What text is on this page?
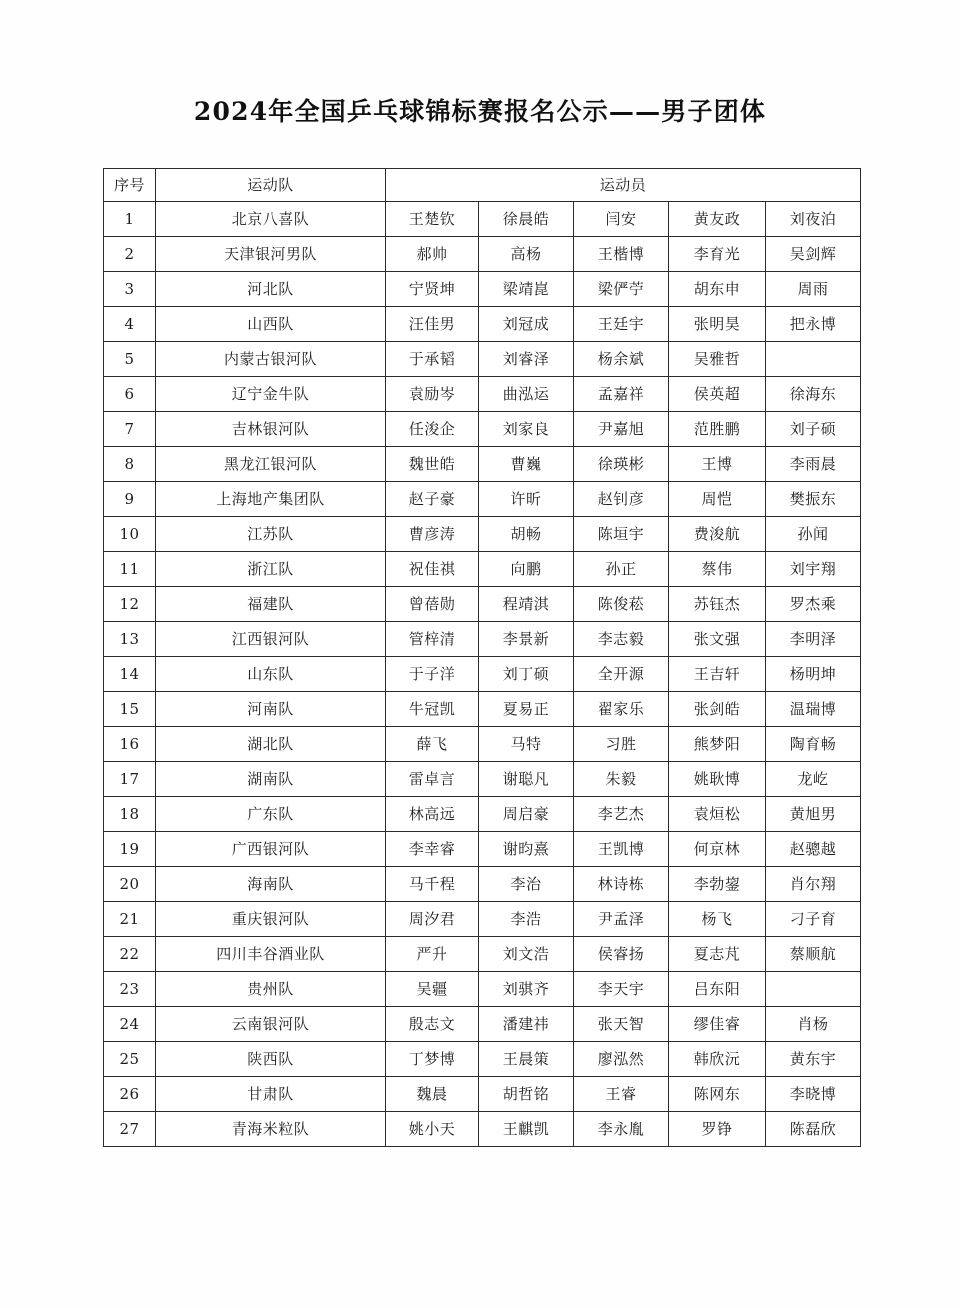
2024年全国乒乓球锦标赛报名公示——男子团体
序号	运动队	运动员				
1	北京八喜队	王楚钦	徐晨皓	闫安	黄友政	刘夜泊
2	天津银河男队	郝帅	高杨	王楷博	李育光	吴剑辉
3	河北队	宁贤坤	梁靖崑	梁俨苧	胡东申	周雨
4	山西队	汪佳男	刘冠成	王廷宇	张明昊	把永博
5	内蒙古银河队	于承韬	刘睿泽	杨余斌	吴雅哲	
6	辽宁金牛队	袁励岑	曲泓运	孟嘉祥	侯英超	徐海东
7	吉林银河队	任浚企	刘家良	尹嘉旭	范胜鹏	刘子硕
8	黑龙江银河队	魏世皓	曹巍	徐瑛彬	王博	李雨晨
9	上海地产集团队	赵子豪	许昕	赵钊彦	周恺	樊振东
10	江苏队	曹彦涛	胡畅	陈垣宇	费浚航	孙闻
11	浙江队	祝佳祺	向鹏	孙正	蔡伟	刘宇翔
12	福建队	曾蓓勋	程靖淇	陈俊菘	苏钰杰	罗杰乘
13	江西银河队	管梓清	李景新	李志毅	张文强	李明泽
14	山东队	于子洋	刘丁硕	全开源	王吉轩	杨明坤
15	河南队	牛冠凯	夏易正	翟家乐	张剑皓	温瑞博
16	湖北队	薛飞	马特	习胜	熊梦阳	陶育畅
17	湖南队	雷卓言	谢聪凡	朱毅	姚耿博	龙屹
18	广东队	林高远	周启豪	李艺杰	袁烜松	黄旭男
19	广西银河队	李幸睿	谢昀熹	王凯博	何京林	赵骢越
20	海南队	马千程	李治	林诗栋	李勃鋆	肖尔翔
21	重庆银河队	周汐君	李浩	尹孟泽	杨飞	刁子育
22	四川丰谷酒业队	严升	刘文浩	侯睿扬	夏志芃	蔡顺航
23	贵州队	吴疆	刘骐齐	李天宇	吕东阳	
24	云南银河队	殷志文	潘建祎	张天智	缪佳睿	肖杨
25	陕西队	丁梦博	王晨策	廖泓然	韩欣沅	黄东宇
26	甘肃队	魏晨	胡哲铭	王睿	陈网东	李晓博
27	青海米粒队	姚小天	王麒凯	李永胤	罗铮	陈磊欣
